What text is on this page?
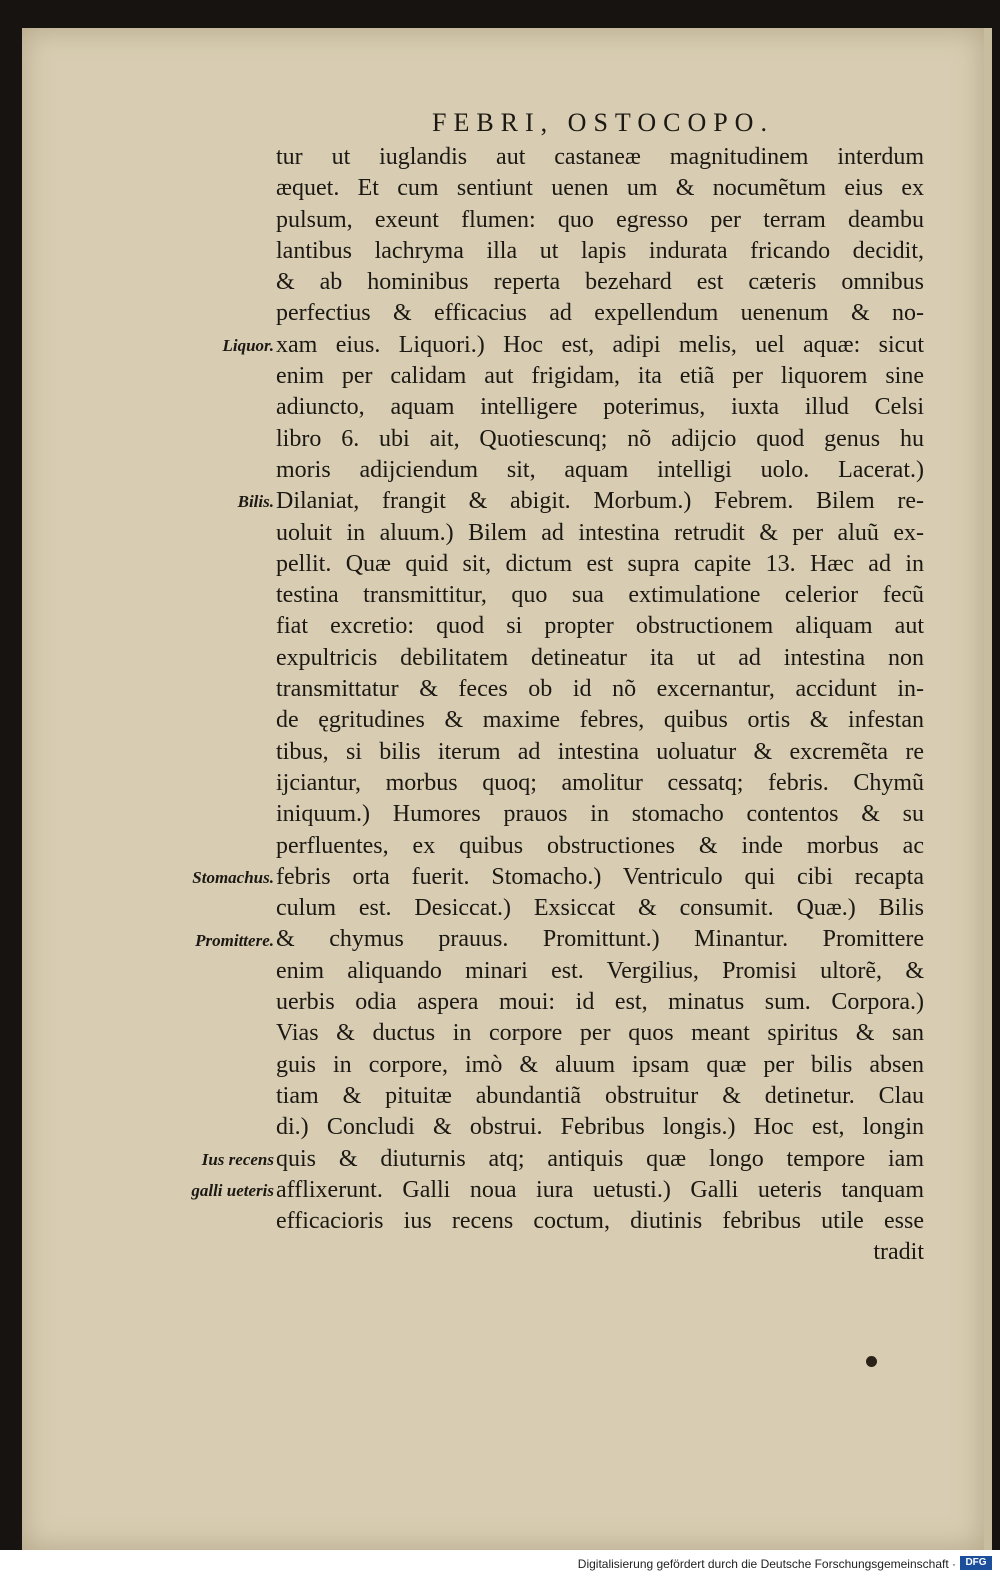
FEBRI, OSTOCOPO.
Liquor.
Bilis.
Stomachus.
Promittere.
Ius recens
galli ueteris
tur ut iuglandis aut castaneæ magnitudinem interdum
æquet. Et cum sentiunt uenen um & nocumẽtum eius ex
pulsum, exeunt flumen: quo egresso per terram deambu
lantibus lachryma illa ut lapis indurata fricando decidit,
& ab hominibus reperta bezehard est cæteris omnibus
perfectius & efficacius ad expellendum uenenum & no-
xam eius. Liquori.) Hoc est, adipi melis, uel aquæ: sicut
enim per calidam aut frigidam, ita etiã per liquorem sine
adiuncto, aquam intelligere poterimus, iuxta illud Celsi
libro 6. ubi ait, Quotiescunq; nõ adijcio quod genus hu
moris adijciendum sit, aquam intelligi uolo. Lacerat.)
Dilaniat, frangit & abigit. Morbum.) Febrem. Bilem re-
uoluit in aluum.) Bilem ad intestina retrudit & per aluũ ex-
pellit. Quæ quid sit, dictum est supra capite 13. Hæc ad in
testina transmittitur, quo sua extimulatione celerior fecũ
fiat excretio: quod si propter obstructionem aliquam aut
expultricis debilitatem detineatur ita ut ad intestina non
transmittatur & feces ob id nõ excernantur, accidunt in-
de ęgritudines & maxime febres, quibus ortis & infestan
tibus, si bilis iterum ad intestina uoluatur & excremẽta re
ijciantur, morbus quoq; amolitur cessatq; febris. Chymũ
iniquum.) Humores prauos in stomacho contentos & su
perfluentes, ex quibus obstructiones & inde morbus ac
febris orta fuerit. Stomacho.) Ventriculo qui cibi recapta
culum est. Desiccat.) Exsiccat & consumit. Quæ.) Bilis
& chymus prauus. Promittunt.) Minantur. Promittere
enim aliquando minari est. Vergilius, Promisi ultorẽ, &
uerbis odia aspera moui: id est, minatus sum. Corpora.)
Vias & ductus in corpore per quos meant spiritus & san
guis in corpore, imò & aluum ipsam quæ per bilis absen
tiam & pituitæ abundantiã obstruitur & detinetur. Clau
di.) Concludi & obstrui. Febribus longis.) Hoc est, longin
quis & diuturnis atq; antiquis quæ longo tempore iam
afflixerunt. Galli noua iura uetusti.) Galli ueteris tanquam
efficacioris ius recens coctum, diutinis febribus utile esse
tradit
Digitalisierung gefördert durch die Deutsche Forschungsgemeinschaft · DFG
